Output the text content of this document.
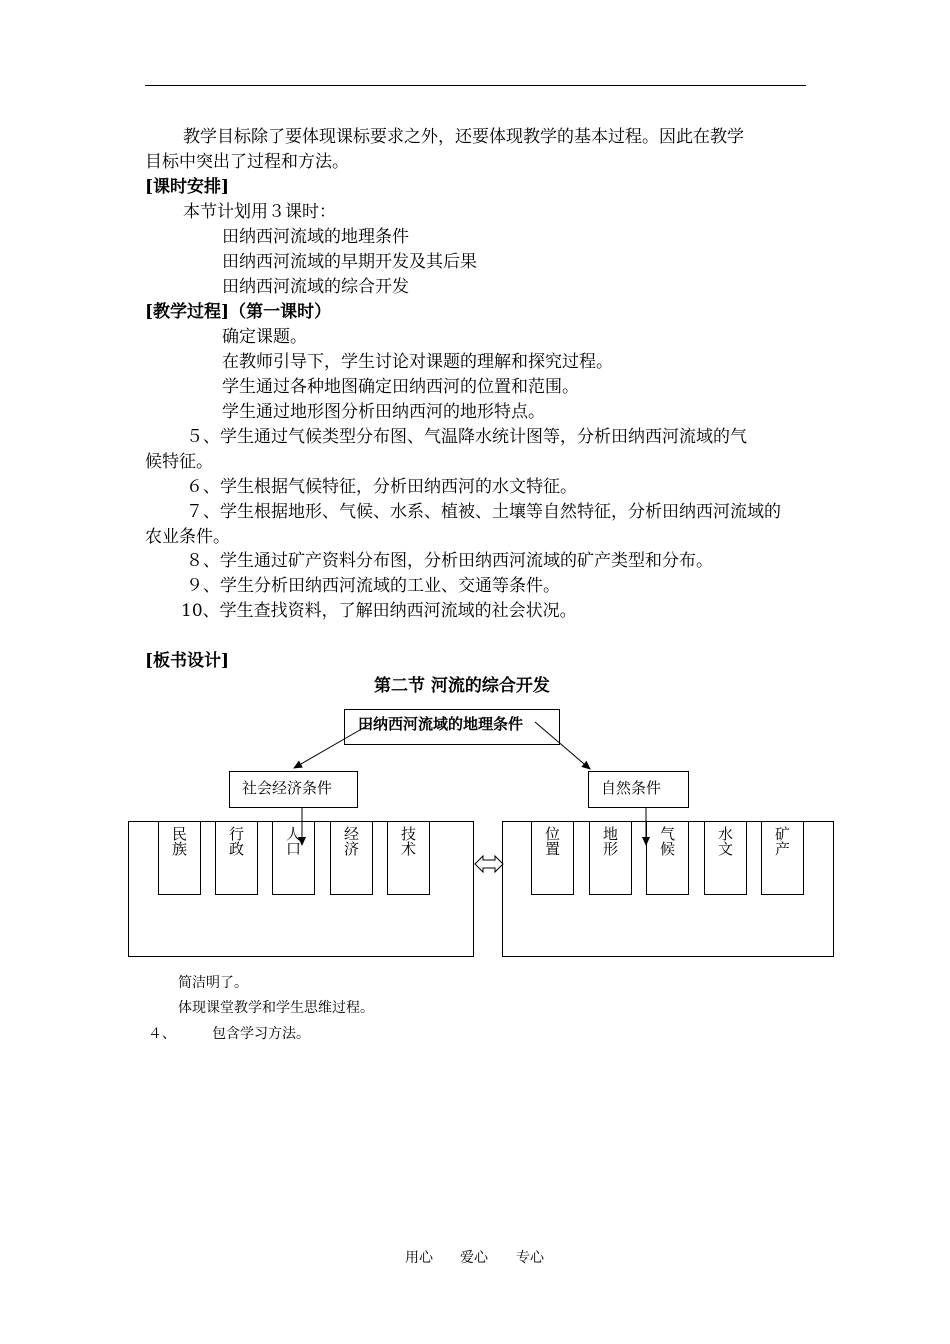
教学目标除了要体现课标要求之外，还要体现教学的基本过程。因此在教学
目标中突出了过程和方法。
[课时安排]
本节计划用３课时：
田纳西河流域的地理条件
田纳西河流域的早期开发及其后果
田纳西河流域的综合开发
[教学过程]（第一课时）
确定课题。
在教师引导下，学生讨论对课题的理解和探究过程。
学生通过各种地图确定田纳西河的位置和范围。
学生通过地形图分析田纳西河的地形特点。
５、学生通过气候类型分布图、气温降水统计图等，分析田纳西河流域的气
候特征。
６、学生根据气候特征，分析田纳西河的水文特征。
７、学生根据地形、气候、水系、植被、土壤等自然特征，分析田纳西河流域的
农业条件。
８、学生通过矿产资料分布图，分析田纳西河流域的矿产类型和分布。
９、学生分析田纳西河流域的工业、交通等条件。
10、学生查找资料，了解田纳西河流域的社会状况。
[板书设计]
第二节 河流的综合开发
田纳西河流域的地理条件
社会经济条件	自然条件
民族	行政	人口	经济	技术	位置	地形	气候	水文	矿产
简洁明了。
体现课堂教学和学生思维过程。
４、	包含学习方法。
用心 爱心 专心
